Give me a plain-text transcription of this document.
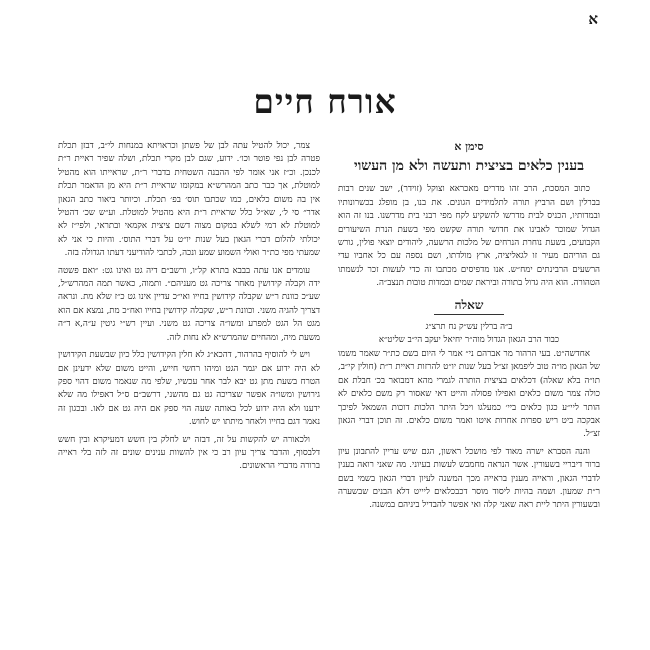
א
אורח חיים

סימן א

בענין כלאים בציצית ותעשה ולא מן העשוי

כתוב המסכת, הרב זהו מדרים מאכראא וצוקל (זוידר), ישב שנים רבות בברלין ושם הרביץ תורה לתלמידים הגונים. את בנו, בן מופלג בכשרונותיו ובמדותיו, הכניס לבית מדרשו להשקיע לקח מפי רבני בית מדרשנו. בנו זה הוא הגדול שמוכר לאבינו את חדושי תורה שקשט מפי בשעת הנרת השיעורים הקבועים, בשעת נוחרת הנרחים של מלכות הרשעה, ליהודים יוצאי פולין, גורש גם הוריהם מעיר זו לגאליציה, ארץ מולדתו, ושם נספה עם כל אחביו עדי הרשעים הרבינתים ימח״ש. אנו מדפיסים מכתבו זה כדי לעשות זכר לנשמתו הטהורה. הוא היה גדול בתורה וביראת שמים ובמדות טובות תנצב״ה.

שאלה

ב״ה ברלין עש״ק נח תרצ״ג

כבוד הרב הגאון הגדול מוה״ר יחיאל יעקב הי״ב שליט״א

אחדשה״ט. בעי הרהור מר אברהם ני״ אמר לי היום בשם כת״ר שאמר משמו של הגאון מו״ה טוב ליפמאן זצ״ל בעל שנות יו״ט להרזות ראיית ר״ת (חולין קי״ב, תו״ה בלא שאלה) דכלאים בציצית הותרה לגמרי מהא דמבואר בכ׳ חבלת אם כולה צמר משום כלאים ואפילו פסולה והייט דאי שאסור רק משם כלאים לא הותר ליי״ע כגון כלאים ביי׳ כמעלגו ויכל היתר הלכות דוכות השמאל לפיכך אבקכה ביט ריש ספרות אחרות איטו ואמר משום כלאים. זה תוכן דברי הגאון זצ״ל.

והנה הסברא ישרה מאוד לפי מושכל ראשון, הגם שיש עריין להתבונן עיון ברור דיבריי בשעורין. אשר הנראה מחמבש לעשות בעיוני. מה שאני רואה בענין לדברי הגאון, וראייה מענין בראייה מכך המשנה לעיון דברי הגאון בשמי בשם ר״ת שמעון. ושמה בהיות ליסוד מוסר דכבכלאים ליייט דלא הבנים שבשערה ובשעורין היתר ליית ראה שאני קלה ואי אפשר להבדיל ביניהם במשנה.

צמר, יכול להטיל עתה לבן של פשתן וכראויתא במנחות לי״ב, דבזן תכלת פטרה לבן נפי פוטר וכו׳. ידוע, שגם לבן מקרי תכלת, ושלה שפיר ראיית ר״ת לכנכן. וכ״ז אני אומר לפי ההבנה השטחית בדברי ר״ת, שראייתו הוא מהטיל למוטלת, אך כבר כתב המהרש״א במקומו שראיית ר״ת היא מן הדאמר תכלת אין בה משום כלאים, כמו שכתבו תוס׳ בפ׳ תכלת. וכיותר ביאור כתב הגאון אדר״ סי ל׳, שא״ל כלל שראיית ר״ת היא מהטיל למוטלת. וע״ש שכ׳ דהטיל למוטלת לא דמי לשלא במקום מצוה דשם ציצית אקמאי ובתראי, ולפי״ז לא יכולתי להלום דברי הגאון בעל שנות יו״ט על דברי התוס׳. והיות כי אני לא שמעתי מפי כת״ר ואולי השמוע שמע ונכה, לכתבי להודיעני דעתו הגדולה בזה.

עומדים אנו עתה בבבא בתרא קל״ו, ורשב״ם דיה גט ואינו גט: ״ואם פשטה ידה וקבלה קידושין מאחר צריכה גט מעניהם״. ותמוה, כאשר תמה המהרש״ל, שע״כ כוונת ר״ש שקבלה קידושין בחייו ואי״כ עדיין אינו גט כ״ז שלא מת. ונראה דצריך להגיה משני. וכוונת ר״ש, שקבלה קידושין בחייו ואח״כ מת, נמצא אם הוא מגט הל הגט למפרע ומשו״ה צריכה גט משני. ועיין רש״י גיטין ע״ה,א ד״ה משעת מיה, ומהחיים שהמרש״א לא נחות לזה.

ויש לי להוסיף בהרהור, דהכא״ג לא חלין הקידושין כלל כיון שבשעת הקידושין לא היה ידוע אם יגמר הגט ומיהו רחשי חייש, והייט משום שלא ידעינן אם הטרח בשעת מתן גט יבא לבר אחר עכשיו, שלפי מה שנאמר משום דהוי ספק גירושין ומשו״ה אפשר שצריכה גט גם מהשני, דרשב״ם ס״ל דאפילו מה שלא ידענו ולא היה ידוע לכל באותה שעה הוי ספק אם היה גט אם לאו. ובכגון זה נאמר דגם בחייו ולאחר מיתתו יש לחוש.

ולכאורה יש להקשות על זה, דבזה יש לחלק בין חשש דמעיקרא ובין חשש דלבסוף, והדבר צריך עיון רב כי אין להשוות ענינים שונים זה לזה בלי ראייה ברורה מדברי הראשונים.
